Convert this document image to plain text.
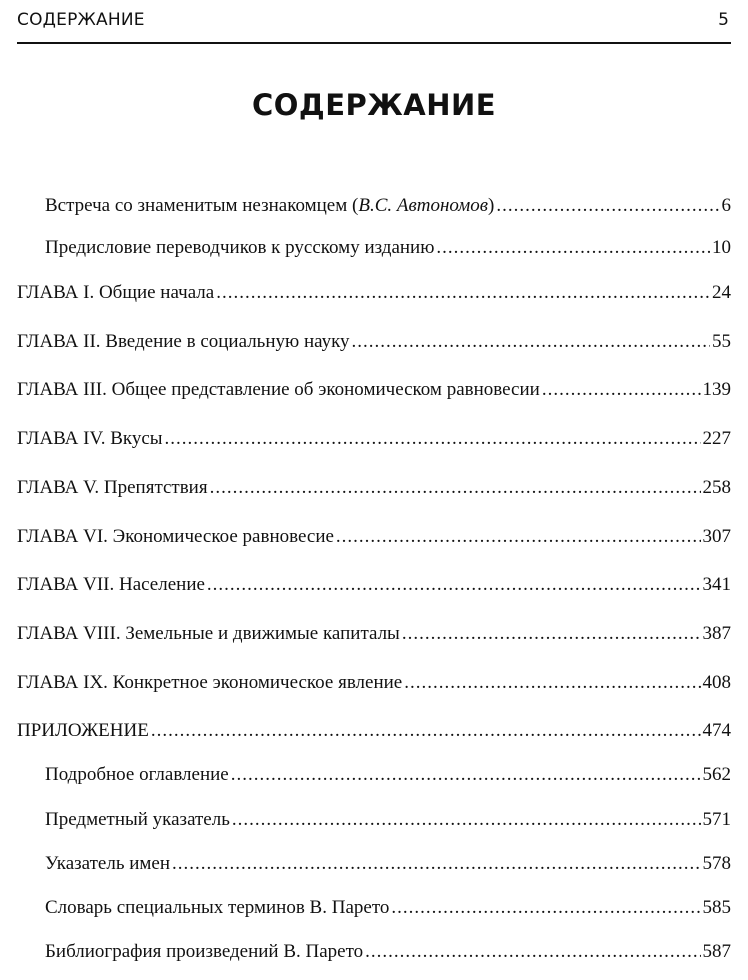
СОДЕРЖАНИЕ	5
СОДЕРЖАНИЕ
Встреча со знаменитым незнакомцем (В.С. Автономов) .....	6
Предисловие переводчиков к русскому изданию .....	10
ГЛАВА I. Общие начала .....	24
ГЛАВА II. Введение в социальную науку .....	55
ГЛАВА III. Общее представление об экономическом равновесии .....	139
ГЛАВА IV. Вкусы .....	227
ГЛАВА V. Препятствия .....	258
ГЛАВА VI. Экономическое равновесие .....	307
ГЛАВА VII. Население .....	341
ГЛАВА VIII. Земельные и движимые капиталы .....	387
ГЛАВА IX. Конкретное экономическое явление .....	408
ПРИЛОЖЕНИЕ .....	474
Подробное оглавление .....	562
Предметный указатель .....	571
Указатель имен .....	578
Словарь специальных терминов В. Парето .....	585
Библиография произведений В. Парето .....	587
